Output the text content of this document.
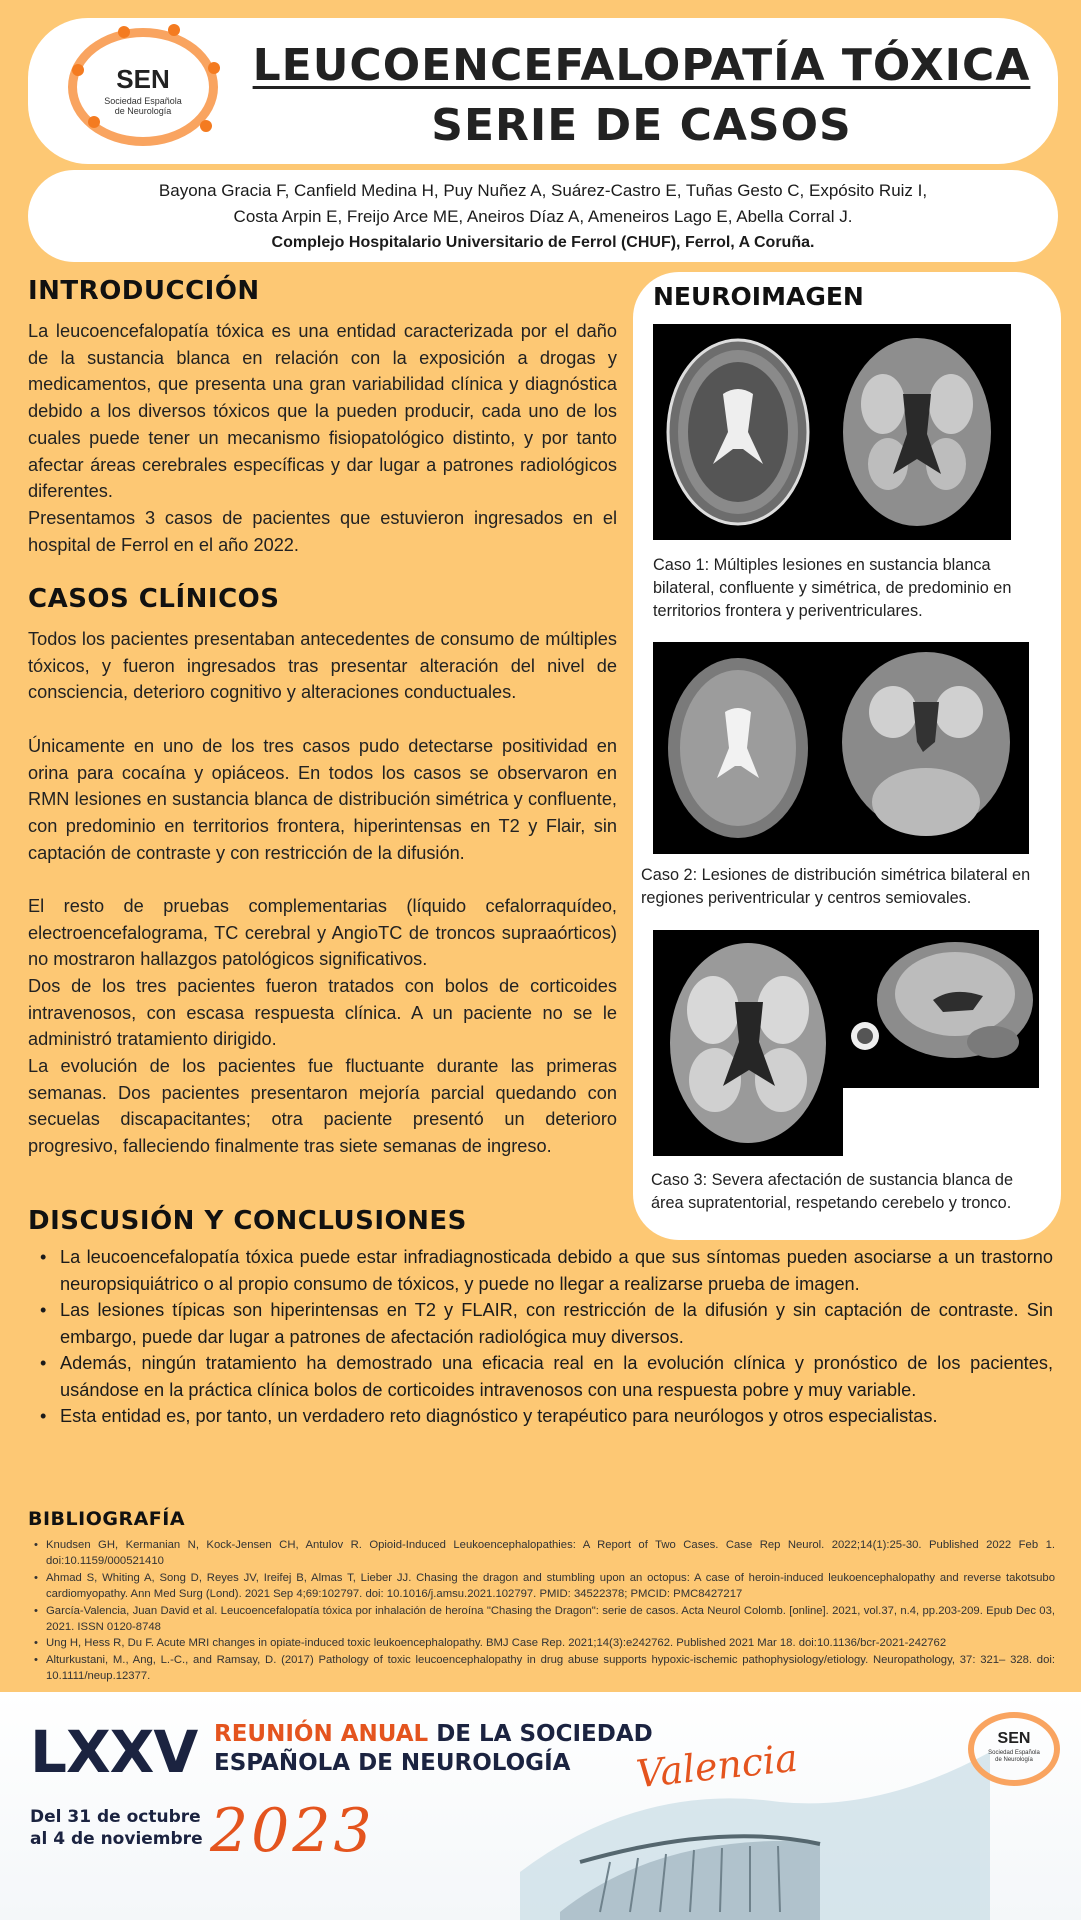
SEN
Sociedad Española de Neurología
LEUCOENCEFALOPATÍA TÓXICA
SERIE DE CASOS

Bayona Gracia F, Canfield Medina H, Puy Nuñez A, Suárez-Castro E, Tuñas Gesto C, Expósito Ruiz I,

Costa Arpin E, Freijo Arce ME, Aneiros Díaz A, Ameneiros Lago E, Abella Corral J.

Complejo Hospitalario Universitario de Ferrol (CHUF), Ferrol, A Coruña.

INTRODUCCIÓN

La leucoencefalopatía tóxica es una entidad caracterizada por el daño de la sustancia blanca en relación con la exposición a drogas y medicamentos, que presenta una gran variabilidad clínica y diagnóstica debido a los diversos tóxicos que la pueden producir, cada uno de los cuales puede tener un mecanismo fisiopatológico distinto, y por tanto afectar áreas cerebrales específicas y dar lugar a patrones radiológicos diferentes.

Presentamos 3 casos de pacientes que estuvieron ingresados en el hospital de Ferrol en el año 2022.

CASOS CLÍNICOS

Todos los pacientes presentaban antecedentes de consumo de múltiples tóxicos, y fueron ingresados tras presentar alteración del nivel de consciencia, deterioro cognitivo y alteraciones conductuales.

Únicamente en uno de los tres casos pudo detectarse positividad en orina para cocaína y opiáceos. En todos los casos se observaron en RMN lesiones en sustancia blanca de distribución simétrica y confluente, con predominio en territorios frontera, hiperintensas en T2 y Flair, sin captación de contraste y con restricción de la difusión.

El resto de pruebas complementarias (líquido cefalorraquídeo, electroencefalograma, TC cerebral y AngioTC de troncos supraaórticos) no mostraron hallazgos patológicos significativos.

Dos de los tres pacientes fueron tratados con bolos de corticoides intravenosos, con escasa respuesta clínica. A un paciente no se le administró tratamiento dirigido.

La evolución de los pacientes fue fluctuante durante las primeras semanas. Dos pacientes presentaron mejoría parcial quedando con secuelas discapacitantes; otra paciente presentó un deterioro progresivo, falleciendo finalmente tras siete semanas de ingreso.

NEUROIMAGEN

Caso 1: Múltiples lesiones en sustancia blanca bilateral, confluente y simétrica, de predominio en territorios frontera y periventriculares.

Caso 2: Lesiones de distribución simétrica bilateral en regiones periventricular y centros semiovales.

Caso 3: Severa afectación de sustancia blanca de área supratentorial, respetando cerebelo y tronco.

DISCUSIÓN Y CONCLUSIONES
• La leucoencefalopatía tóxica puede estar infradiagnosticada debido a que sus síntomas pueden asociarse a un trastorno neuropsiquiátrico o al propio consumo de tóxicos, y puede no llegar a realizarse prueba de imagen.
• Las lesiones típicas son hiperintensas en T2 y FLAIR, con restricción de la difusión y sin captación de contraste. Sin embargo, puede dar lugar a patrones de afectación radiológica muy diversos.
• Además, ningún tratamiento ha demostrado una eficacia real en la evolución clínica y pronóstico de los pacientes, usándose en la práctica clínica bolos de corticoides intravenosos con una respuesta pobre y muy variable.
• Esta entidad es, por tanto, un verdadero reto diagnóstico y terapéutico para neurólogos y otros especialistas.
BIBLIOGRAFÍA
• Knudsen GH, Kermanian N, Kock-Jensen CH, Antulov R. Opioid-Induced Leukoencephalopathies: A Report of Two Cases. Case Rep Neurol. 2022;14(1):25-30. Published 2022 Feb 1. doi:10.1159/000521410
• Ahmad S, Whiting A, Song D, Reyes JV, Ireifej B, Almas T, Lieber JJ. Chasing the dragon and stumbling upon an octopus: A case of heroin-induced leukoencephalopathy and reverse takotsubo cardiomyopathy. Ann Med Surg (Lond). 2021 Sep 4;69:102797. doi: 10.1016/j.amsu.2021.102797. PMID: 34522378; PMCID: PMC8427217
• García-Valencia, Juan David et al. Leucoencefalopatía tóxica por inhalación de heroína "Chasing the Dragon": serie de casos. Acta Neurol Colomb. [online]. 2021, vol.37, n.4, pp.203-209. Epub Dec 03, 2021. ISSN 0120-8748
• Ung H, Hess R, Du F. Acute MRI changes in opiate-induced toxic leukoencephalopathy. BMJ Case Rep. 2021;14(3):e242762. Published 2021 Mar 18. doi:10.1136/bcr-2021-242762
• Alturkustani, M., Ang, L.-C., and Ramsay, D. (2017) Pathology of toxic leucoencephalopathy in drug abuse supports hypoxic-ischemic pathophysiology/etiology. Neuropathology, 37: 321– 328. doi: 10.1111/neup.12377.
LXXV REUNIÓN ANUAL DE LA SOCIEDAD
ESPAÑOLA DE NEUROLOGÍA
Del 31 de octubre
al 4 de noviembre 2023
Valencia	SEN
Sociedad Española de Neurología
